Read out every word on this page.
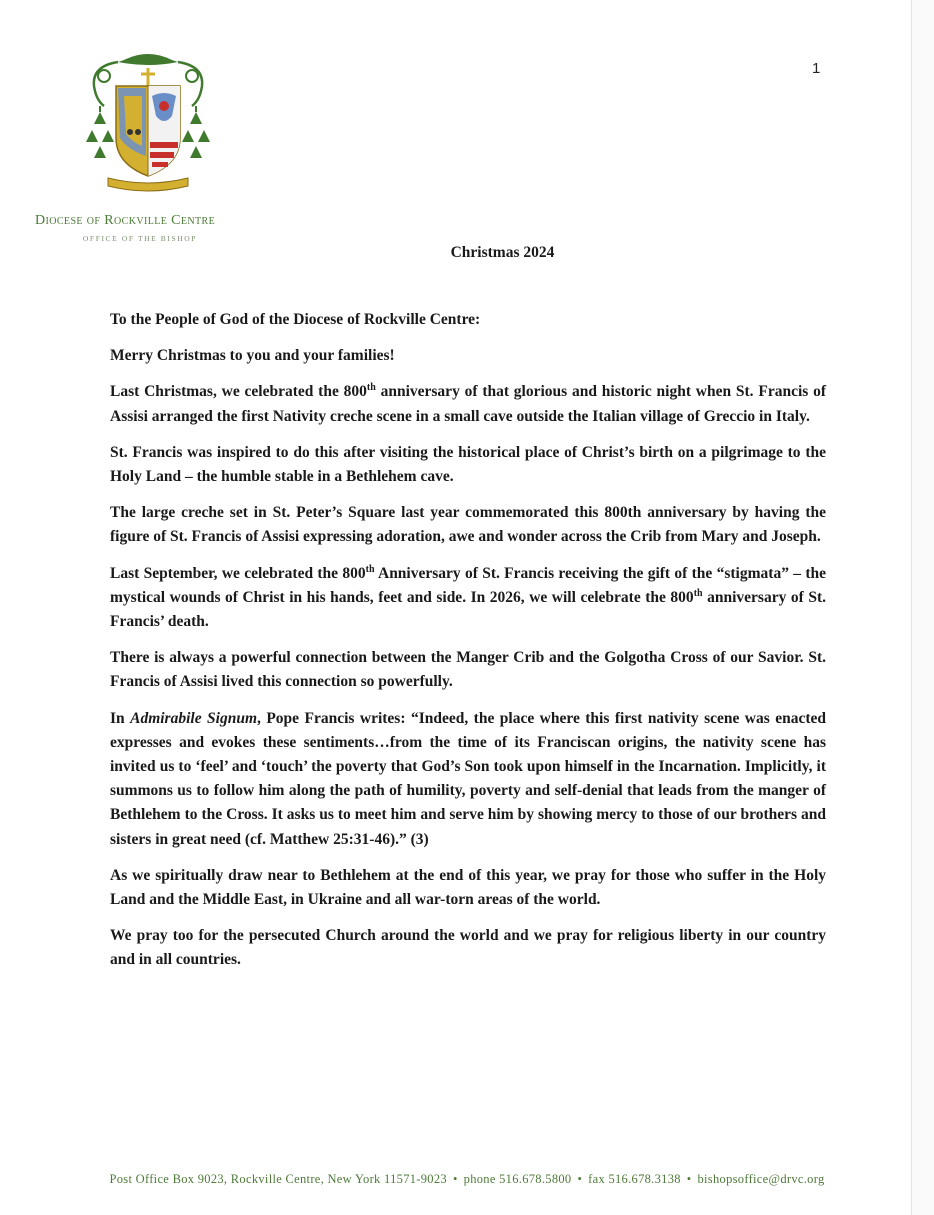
1
Diocese of Rockville Centre
OFFICE OF THE BISHOP
Christmas 2024

To the People of God of the Diocese of Rockville Centre:

Merry Christmas to you and your families!

Last Christmas, we celebrated the 800th anniversary of that glorious and historic night when St. Francis of Assisi arranged the first Nativity creche scene in a small cave outside the Italian village of Greccio in Italy.

St. Francis was inspired to do this after visiting the historical place of Christ’s birth on a pilgrimage to the Holy Land – the humble stable in a Bethlehem cave.

The large creche set in St. Peter’s Square last year commemorated this 800th anniversary by having the figure of St. Francis of Assisi expressing adoration, awe and wonder across the Crib from Mary and Joseph.

Last September, we celebrated the 800th Anniversary of St. Francis receiving the gift of the “stigmata” – the mystical wounds of Christ in his hands, feet and side. In 2026, we will celebrate the 800th anniversary of St. Francis’ death.

There is always a powerful connection between the Manger Crib and the Golgotha Cross of our Savior. St. Francis of Assisi lived this connection so powerfully.

In Admirabile Signum, Pope Francis writes: “Indeed, the place where this first nativity scene was enacted expresses and evokes these sentiments…from the time of its Franciscan origins, the nativity scene has invited us to ‘feel’ and ‘touch’ the poverty that God’s Son took upon himself in the Incarnation. Implicitly, it summons us to follow him along the path of humility, poverty and self-denial that leads from the manger of Bethlehem to the Cross. It asks us to meet him and serve him by showing mercy to those of our brothers and sisters in great need (cf. Matthew 25:31-46).” (3)

As we spiritually draw near to Bethlehem at the end of this year, we pray for those who suffer in the Holy Land and the Middle East, in Ukraine and all war-torn areas of the world.

We pray too for the persecuted Church around the world and we pray for religious liberty in our country and in all countries.

Post Office Box 9023, Rockville Centre, New York 11571-9023 • phone 516.678.5800 • fax 516.678.3138 • bishopsoffice@drvc.org
